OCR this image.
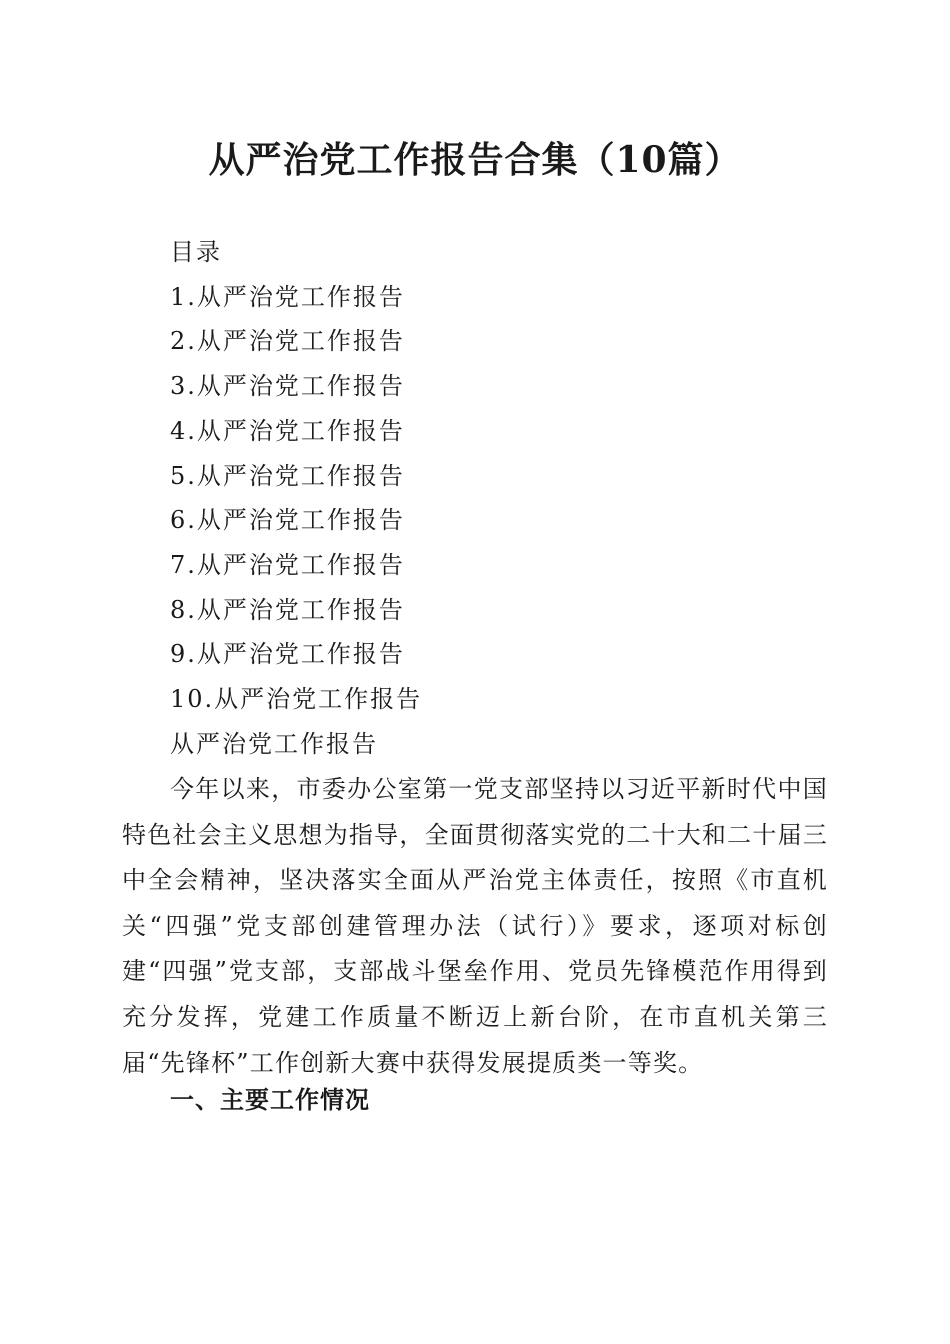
从严治党工作报告合集（10篇）
目录
1.从严治党工作报告
2.从严治党工作报告
3.从严治党工作报告
4.从严治党工作报告
5.从严治党工作报告
6.从严治党工作报告
7.从严治党工作报告
8.从严治党工作报告
9.从严治党工作报告
10.从严治党工作报告
从严治党工作报告

今年以来，市委办公室第一党支部坚持以习近平新时代中国特色社会主义思想为指导，全面贯彻落实党的二十大和二十届三中全会精神，坚决落实全面从严治党主体责任，按照《市直机关“四强”党支部创建管理办法（试行）》要求，逐项对标创建“四强”党支部，支部战斗堡垒作用、党员先锋模范作用得到充分发挥，党建工作质量不断迈上新台阶，在市直机关第三届“先锋杯”工作创新大赛中获得发展提质类一等奖。

一、主要工作情况
